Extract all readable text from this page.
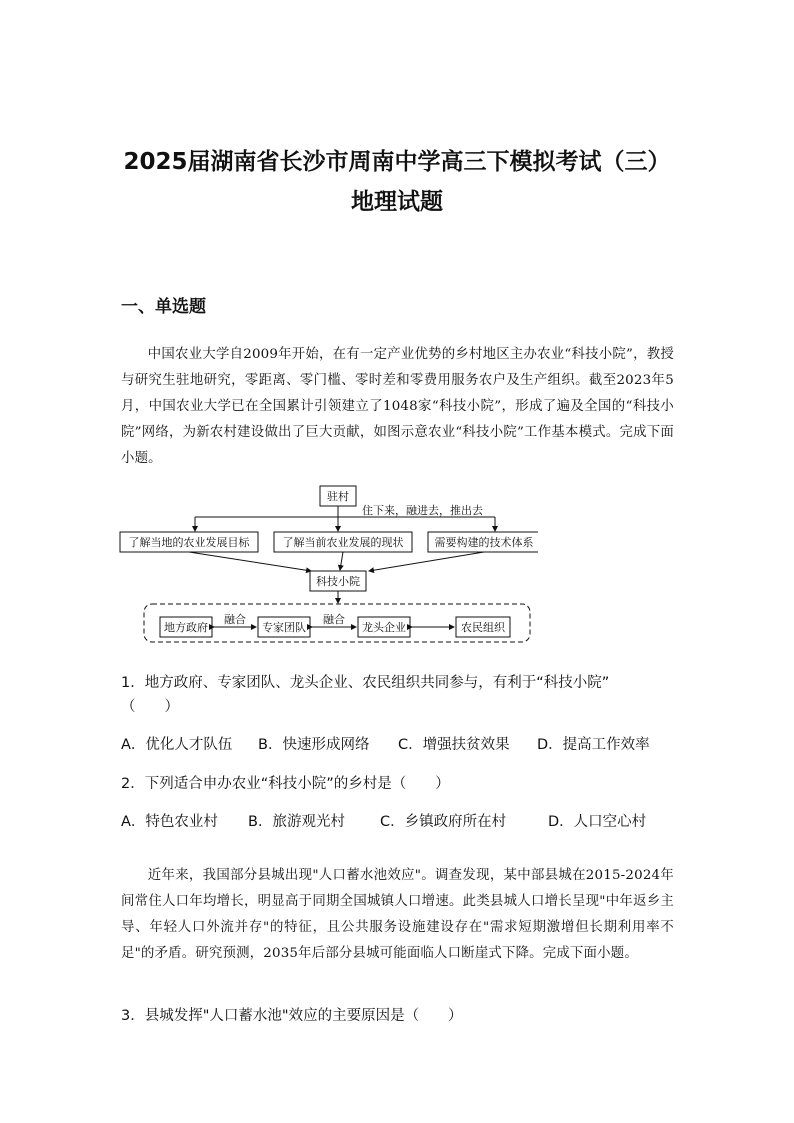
2025届湖南省长沙市周南中学高三下模拟考试（三）
地理试题
一、单选题
中国农业大学自2009年开始，在有一定产业优势的乡村地区主办农业“科技小院”，教授与研究生驻地研究，零距离、零门槛、零时差和零费用服务农户及生产组织。截至2023年5月，中国农业大学已在全国累计引领建立了1048家“科技小院”，形成了遍及全国的“科技小院”网络，为新农村建设做出了巨大贡献，如图示意农业“科技小院”工作基本模式。完成下面小题。
驻村
住下来，融进去，推出去
了解当地的农业发展目标	了解当前农业发展的现状	需要构建的技术体系
科技小院
地方政府	专家团队	龙头企业	农民组织
融合	融合
1．地方政府、专家团队、龙头企业、农民组织共同参与，有利于“科技小院”
（　　）
A．优化人才队伍 B．快速形成网络 C．增强扶贫效果 D．提高工作效率
2．下列适合申办农业“科技小院”的乡村是（　　）
A．特色农业村 B．旅游观光村 C．乡镇政府所在村	D．人口空心村
近年来，我国部分县城出现"人口蓄水池效应"。调查发现，某中部县城在2015-2024年间常住人口年均增长，明显高于同期全国城镇人口增速。此类县城人口增长呈现"中年返乡主导、年轻人口外流并存"的特征，且公共服务设施建设存在"需求短期激增但长期利用率不足"的矛盾。研究预测，2035年后部分县城可能面临人口断崖式下降。完成下面小题。
3．县城发挥"人口蓄水池"效应的主要原因是（　　）
